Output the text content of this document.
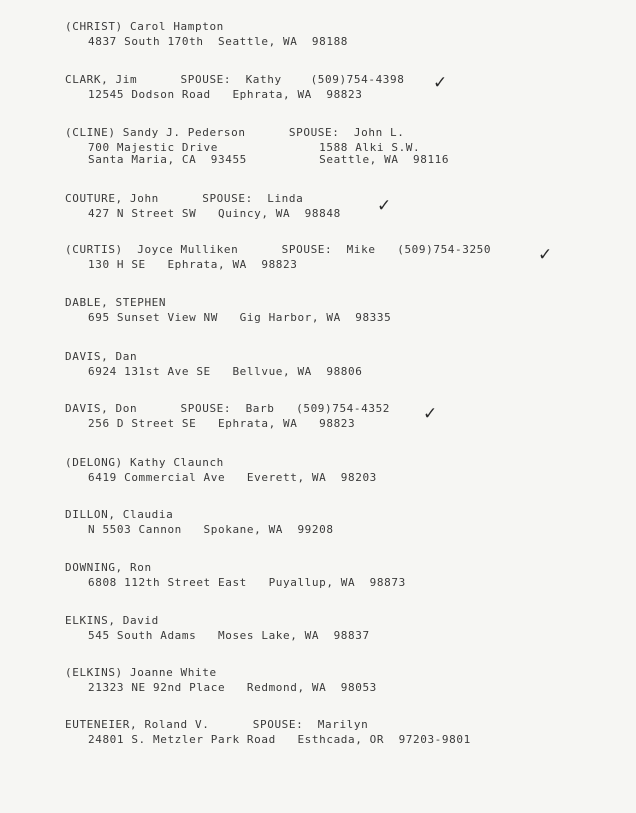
(CHRIST) Carol Hampton
4837 South 170th  Seattle, WA  98188
CLARK, Jim      SPOUSE:  Kathy    (509)754-4398
12545 Dodson Road   Ephrata, WA  98823
✓
(CLINE) Sandy J. Pederson      SPOUSE:  John L.
700 Majestic Drive              1588 Alki S.W.
Santa Maria, CA  93455          Seattle, WA  98116
COUTURE, John      SPOUSE:  Linda
427 N Street SW   Quincy, WA  98848 ✓
(CURTIS)  Joyce Mulliken      SPOUSE:  Mike   (509)754-3250
130 H SE   Ephrata, WA  98823	✓
DABLE, STEPHEN
695 Sunset View NW   Gig Harbor, WA  98335
DAVIS, Dan
6924 131st Ave SE   Bellvue, WA  98806
DAVIS, Don      SPOUSE:  Barb   (509)754-4352
256 D Street SE   Ephrata, WA   98823	✓
(DELONG) Kathy Claunch
6419 Commercial Ave   Everett, WA  98203
DILLON, Claudia
N 5503 Cannon   Spokane, WA  99208
DOWNING, Ron
6808 112th Street East   Puyallup, WA  98873
ELKINS, David
545 South Adams   Moses Lake, WA  98837
(ELKINS) Joanne White
21323 NE 92nd Place   Redmond, WA  98053
EUTENEIER, Roland V.      SPOUSE:  Marilyn
24801 S. Metzler Park Road   Esthcada, OR  97203-9801
